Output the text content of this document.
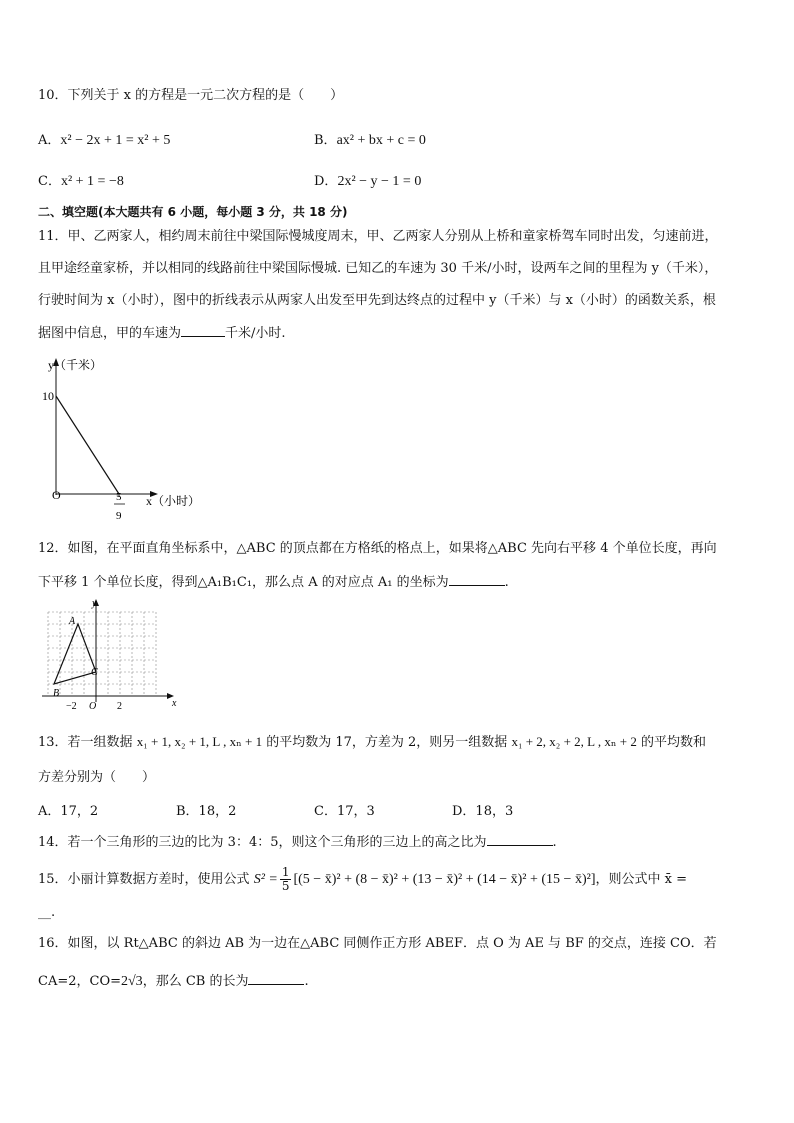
10．下列关于 x 的方程是一元二次方程的是（　　）
A．x² − 2x + 1 = x² + 5	B．ax² + bx + c = 0
C．x² + 1 = −8	D．2x² − y − 1 = 0
二、填空题(本大题共有 6 小题，每小题 3 分，共 18 分)
11．甲、乙两家人，相约周末前往中梁国际慢城度周末，甲、乙两家人分别从上桥和童家桥驾车同时出发，匀速前进，
且甲途经童家桥，并以相同的线路前往中梁国际慢城. 已知乙的车速为 30 千米/小时，设两车之间的里程为 y（千米），
行驶时间为 x（小时），图中的折线表示从两家人出发至甲先到达终点的过程中 y（千米）与 x（小时）的函数关系，根
据图中信息，甲的车速为	千米/小时.
y（千米）
10
O	x（小时）
5
9
12．如图，在平面直角坐标系中，△ABC 的顶点都在方格纸的格点上，如果将△ABC 先向右平移 4 个单位长度，再向
下平移 1 个单位长度，得到△A₁B₁C₁，那么点 A 的对应点 A₁ 的坐标为	.
A
B
C
O	x
y
−2	2
13．若一组数据 x₁ + 1, x₂ + 1, L , xₙ + 1 的平均数为 17，方差为 2，则另一组数据 x₁ + 2, x₂ + 2, L , xₙ + 2 的平均数和
方差分别为（　　）
A．17，2	B．18，2	C．17，3	D．18，3
14．若一个三角形的三边的比为 3：4：5，则这个三角形的三边上的高之比为	.
15．小丽计算数据方差时，使用公式 $S^2 = \frac{1}{5} [(5$ − x̄)² + (8 − x̄)² + (13 − x̄)² + (14 − x̄)² + (15 − x̄)²]，则公式中 x̄ =
__.
16．如图，以 Rt△ABC 的斜边 AB 为一边在△ABC 同侧作正方形 ABEF．点 O 为 AE 与 BF 的交点，连接 CO．若
CA=2，CO=2√3，那么 CB 的长为	.
